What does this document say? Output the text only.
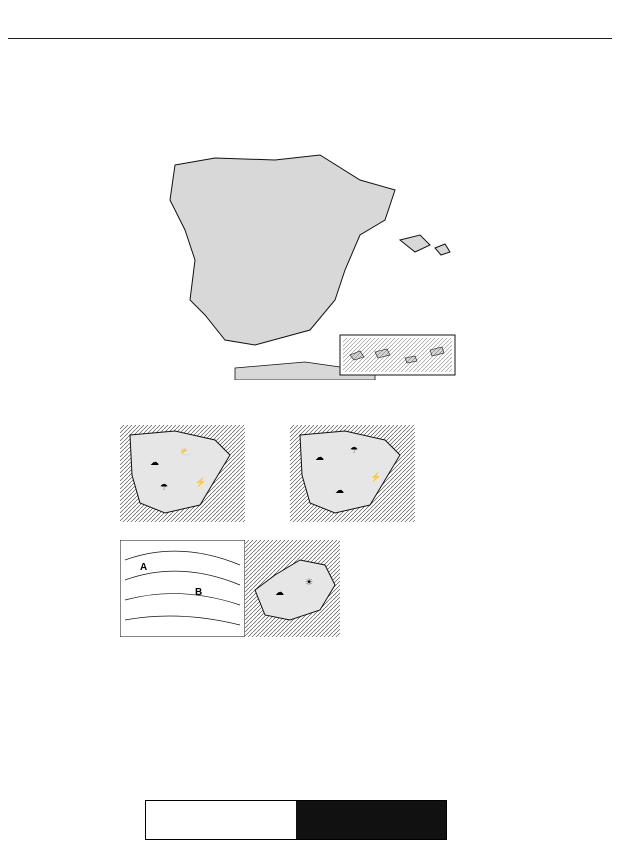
☁
⛅
⚡
☂
☁
☂
⚡
☁
B
A
☁
☀
